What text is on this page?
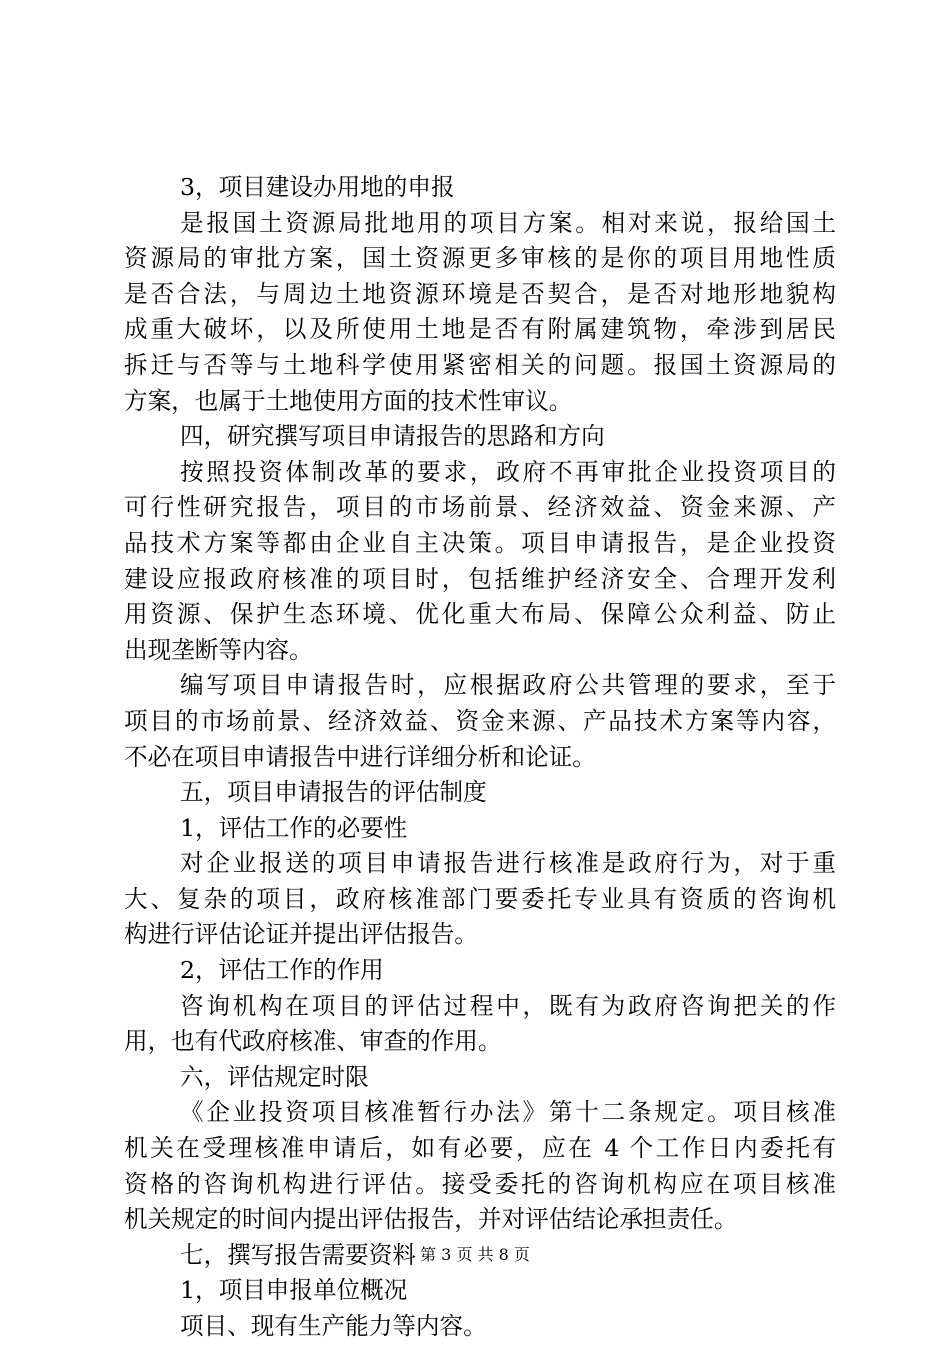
3，项目建设办用地的申报
是报国土资源局批地用的项目方案。相对来说，报给国土
资源局的审批方案，国土资源更多审核的是你的项目用地性质
是否合法，与周边土地资源环境是否契合，是否对地形地貌构
成重大破坏，以及所使用土地是否有附属建筑物，牵涉到居民
拆迁与否等与土地科学使用紧密相关的问题。报国土资源局的
方案，也属于土地使用方面的技术性审议。
四，研究撰写项目申请报告的思路和方向
按照投资体制改革的要求，政府不再审批企业投资项目的
可行性研究报告，项目的市场前景、经济效益、资金来源、产
品技术方案等都由企业自主决策。项目申请报告，是企业投资
建设应报政府核准的项目时，包括维护经济安全、合理开发利
用资源、保护生态环境、优化重大布局、保障公众利益、防止
出现垄断等内容。
编写项目申请报告时，应根据政府公共管理的要求，至于
项目的市场前景、经济效益、资金来源、产品技术方案等内容，
不必在项目申请报告中进行详细分析和论证。
五，项目申请报告的评估制度
1，评估工作的必要性
对企业报送的项目申请报告进行核准是政府行为，对于重
大、复杂的项目，政府核准部门要委托专业具有资质的咨询机
构进行评估论证并提出评估报告。
2，评估工作的作用
咨询机构在项目的评估过程中，既有为政府咨询把关的作
用，也有代政府核准、审查的作用。
六，评估规定时限
《企业投资项目核准暂行办法》第十二条规定。项目核准
机关在受理核准申请后，如有必要，应在 4 个工作日内委托有
资格的咨询机构进行评估。接受委托的咨询机构应在项目核准
机关规定的时间内提出评估报告，并对评估结论承担责任。
七，撰写报告需要资料
1，项目申报单位概况
项目、现有生产能力等内容。
第 3 页 共 8 页
